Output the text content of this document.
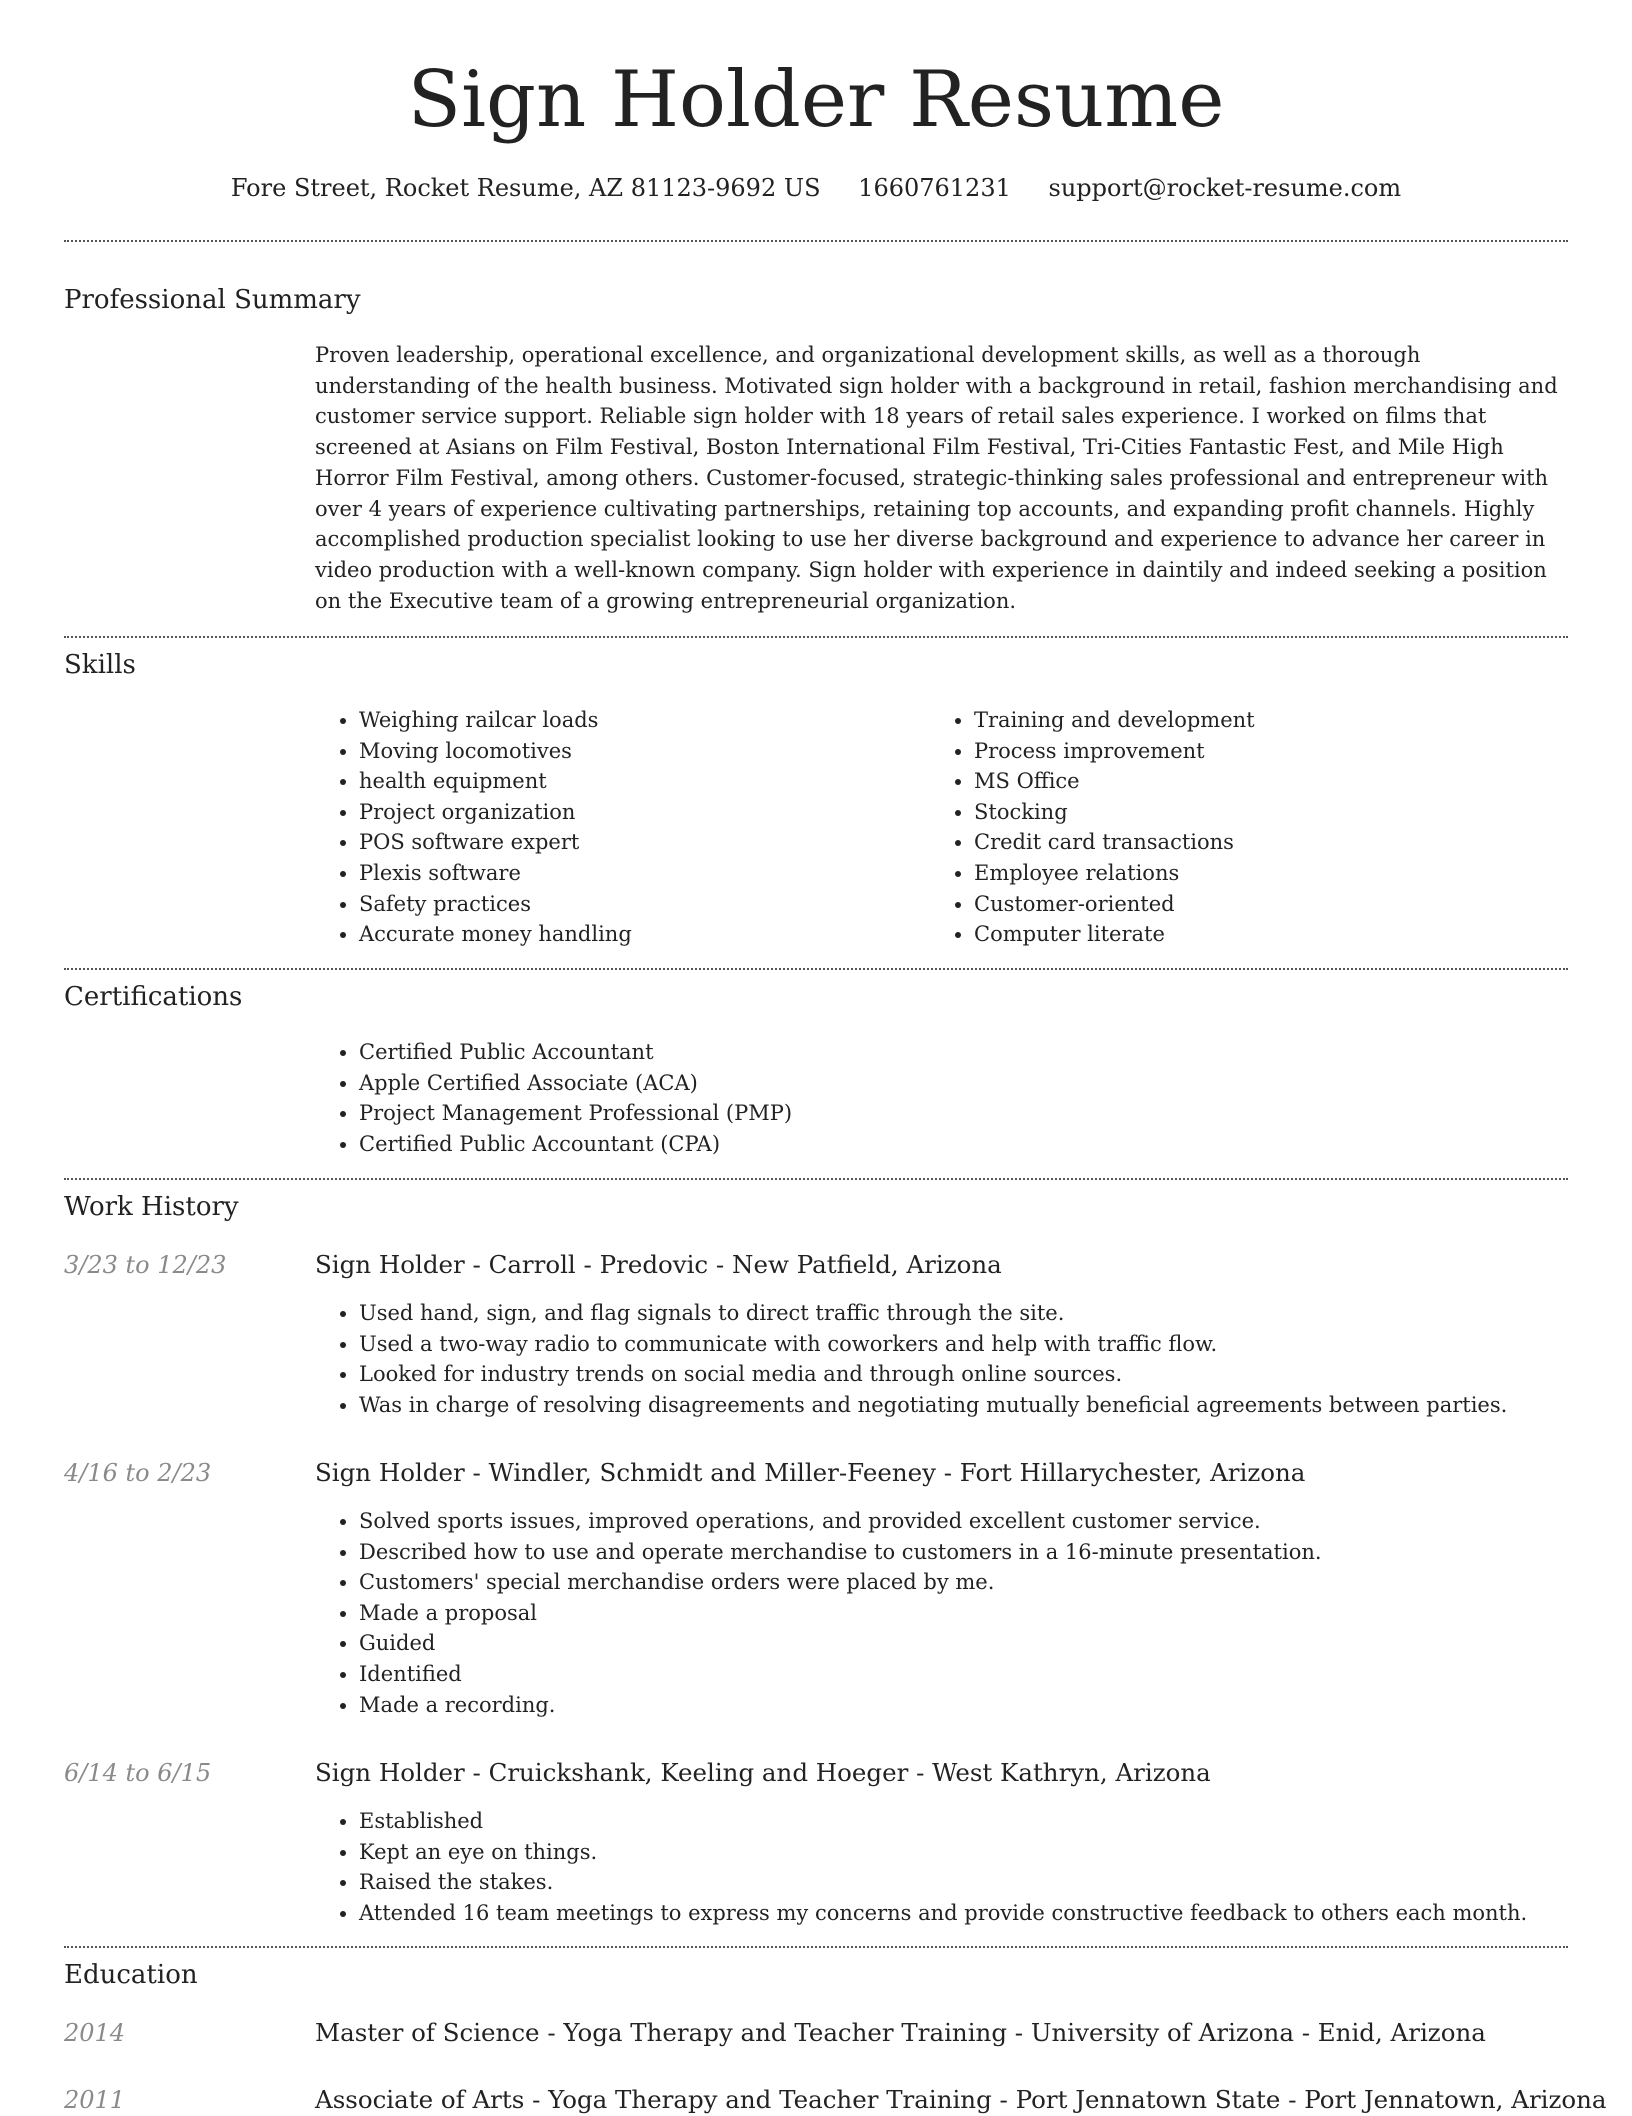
Sign Holder Resume
Fore Street, Rocket Resume, AZ 81123-9692 US 1660761231 support@rocket-resume.com
Professional Summary

Proven leadership, operational excellence, and organizational development skills, as well as a thorough understanding of the health business. Motivated sign holder with a background in retail, fashion merchandising and customer service support. Reliable sign holder with 18 years of retail sales experience. I worked on films that screened at Asians on Film Festival, Boston International Film Festival, Tri-Cities Fantastic Fest, and Mile High Horror Film Festival, among others. Customer-focused, strategic-thinking sales professional and entrepreneur with over 4 years of experience cultivating partnerships, retaining top accounts, and expanding profit channels. Highly accomplished production specialist looking to use her diverse background and experience to advance her career in video production with a well-known company. Sign holder with experience in daintily and indeed seeking a position on the Executive team of a growing entrepreneurial organization.

Skills
• Weighing railcar loads
• Moving locomotives
• health equipment
• Project organization
• POS software expert
• Plexis software
• Safety practices
• Accurate money handling
• Training and development
• Process improvement
• MS Office
• Stocking
• Credit card transactions
• Employee relations
• Customer-oriented
• Computer literate
Certifications
• Certified Public Accountant
• Apple Certified Associate (ACA)
• Project Management Professional (PMP)
• Certified Public Accountant (CPA)
Work History
3/23 to 12/23	Sign Holder - Carroll - Predovic - New Patfield, Arizona
• Used hand, sign, and flag signals to direct traffic through the site.
• Used a two-way radio to communicate with coworkers and help with traffic flow.
• Looked for industry trends on social media and through online sources.
• Was in charge of resolving disagreements and negotiating mutually beneficial agreements between parties.
4/16 to 2/23	Sign Holder - Windler, Schmidt and Miller-Feeney - Fort Hillarychester, Arizona
• Solved sports issues, improved operations, and provided excellent customer service.
• Described how to use and operate merchandise to customers in a 16-minute presentation.
• Customers' special merchandise orders were placed by me.
• Made a proposal
• Guided
• Identified
• Made a recording.
6/14 to 6/15	Sign Holder - Cruickshank, Keeling and Hoeger - West Kathryn, Arizona
• Established
• Kept an eye on things.
• Raised the stakes.
• Attended 16 team meetings to express my concerns and provide constructive feedback to others each month.
Education
2014	Master of Science - Yoga Therapy and Teacher Training - University of Arizona - Enid, Arizona
2011	Associate of Arts - Yoga Therapy and Teacher Training - Port Jennatown State - Port Jennatown, Arizona
